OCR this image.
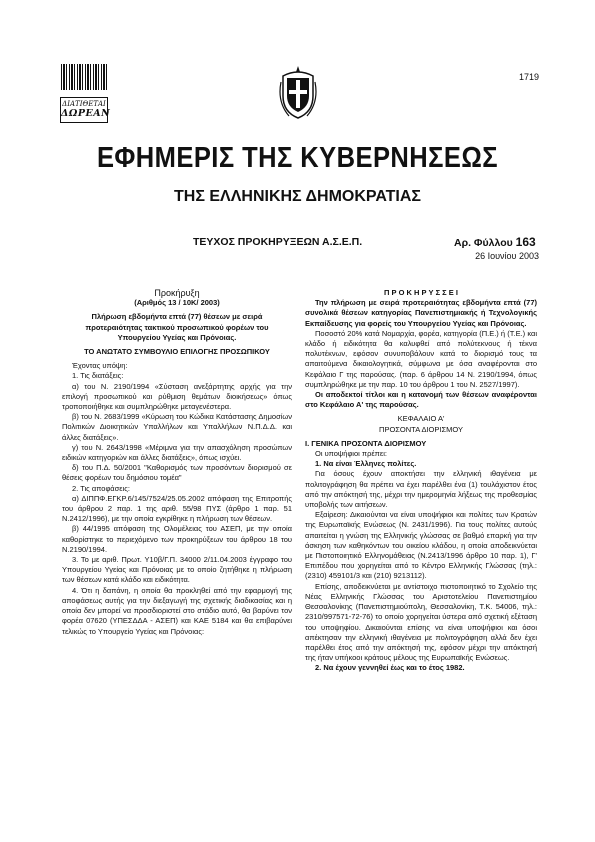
ΔΙΑΤΙΘΕΤΑΙ
ΔΩΡΕΑΝ
1719
ΕΦΗΜΕΡΙΣ ΤΗΣ ΚΥΒΕΡΝΗΣΕΩΣ
ΤΗΣ ΕΛΛΗΝΙΚΗΣ ΔΗΜΟΚΡΑΤΙΑΣ
ΤΕΥΧΟΣ ΠΡΟΚΗΡΥΞΕΩΝ Α.Σ.Ε.Π.	Αρ. Φύλλου 163
26 Ιουνίου 2003

Προκήρυξη

(Αριθμός 13 / 10Κ/ 2003)

Πλήρωση εβδομήντα επτά (77) θέσεων με σειρά προτεραιότητας τακτικού προσωπικού φορέων του Υπουργείου Υγείας και Πρόνοιας.

ΤΟ ΑΝΩΤΑΤΟ ΣΥΜΒΟΥΛΙΟ ΕΠΙΛΟΓΗΣ ΠΡΟΣΩΠΙΚΟΥ

Έχοντας υπόψη:

1. Τις διατάξεις:

α) του Ν. 2190/1994 «Σύσταση ανεξάρτητης αρχής για την επιλογή προσωπικού και ρύθμιση θεμάτων διοικήσεως» όπως τροποποιήθηκε και συμπληρώθηκε μεταγενέστερα.

β) του Ν. 2683/1999 «Κύρωση του Κώδικα Κατάστασης Δημοσίων Πολιτικών Διοικητικών Υπαλλήλων και Υπαλλήλων Ν.Π.Δ.Δ. και άλλες διατάξεις».

γ) του Ν. 2643/1998 «Μέριμνα για την απασχόληση προσώπων ειδικών κατηγοριών και άλλες διατάξεις», όπως ισχύει.

δ) του Π.Δ. 50/2001 "Καθορισμός των προσόντων διορισμού σε θέσεις φορέων του δημόσιου τομέα"

2. Τις αποφάσεις:

α) ΔΙΠΠΦ.ΕΓΚΡ.6/145/7524/25.05.2002 απόφαση της Επιτροπής του άρθρου 2 παρ. 1 της αριθ. 55/98 ΠΥΣ (άρθρο 1 παρ. 51 Ν.2412/1996), με την οποία εγκρίθηκε η πλήρωση των θέσεων.

β) 44/1995 απόφαση της Ολομέλειας του ΑΣΕΠ, με την οποία καθορίστηκε το περιεχόμενο των προκηρύξεων του άρθρου 18 του Ν.2190/1994.

3. Το με αριθ. Πρωτ. Υ10β/Γ.Π. 34000 2/11.04.2003 έγγραφο του Υπουργείου Υγείας και Πρόνοιας με το οποίο ζητήθηκε η πλήρωση των θέσεων κατά κλάδο και ειδικότητα.

4. Ότι η δαπάνη, η οποία θα προκληθεί από την εφαρμογή της αποφάσεως αυτής για την διεξαγωγή της σχετικής διαδικασίας και η οποία δεν μπορεί να προσδιοριστεί στο στάδιο αυτό, θα βαρύνει τον φορέα 07620 (ΥΠΕΣΔΔΑ - ΑΣΕΠ) και ΚΑΕ 5184 και θα επιβαρύνει τελικώς το Υπουργείο Υγείας και Πρόνοιας:

Π Ρ Ο Κ Η Ρ Υ Σ Σ Ε Ι

Την πλήρωση με σειρά προτεραιότητας εβδομήντα επτά (77) συνολικά θέσεων κατηγορίας Πανεπιστημιακής ή Τεχνολογικής Εκπαίδευσης για φορείς του Υπουργείου Υγείας και Πρόνοιας.

Ποσοστό 20% κατά Νομαρχία, φορέα, κατηγορία (Π.Ε.) ή (Τ.Ε.) και κλάδο ή ειδικότητα θα καλυφθεί από πολύτεκνους ή τέκνα πολυτέκνων, εφόσον συνυποβάλουν κατά το διορισμό τους τα απαιτούμενα δικαιολογητικά, σύμφωνα με όσα αναφέρονται στο Κεφάλαιο Γ της παρούσας. (παρ. 6 άρθρου 14 Ν. 2190/1994, όπως συμπληρώθηκε με την παρ. 10 του άρθρου 1 του Ν. 2527/1997).

Οι αποδεκτοί τίτλοι και η κατανομή των θέσεων αναφέρονται στο Κεφάλαιο Α' της παρούσας.

ΚΕΦΑΛΑΙΟ Α'

ΠΡΟΣΟΝΤΑ ΔΙΟΡΙΣΜΟΥ

Ι. ΓΕΝΙΚΑ ΠΡΟΣΟΝΤΑ ΔΙΟΡΙΣΜΟΥ

Οι υποψήφιοι πρέπει:

1. Να είναι Έλληνες πολίτες.

Για όσους έχουν αποκτήσει την ελληνική ιθαγένεια με πολιτογράφηση θα πρέπει να έχει παρέλθει ένα (1) τουλάχιστον έτος από την απόκτησή της, μέχρι την ημερομηνία λήξεως της προθεσμίας υποβολής των αιτήσεων.

Εξαίρεση: Δικαιούνται να είναι υποψήφιοι και πολίτες των Κρατών της Ευρωπαϊκής Ενώσεως (Ν. 2431/1996). Για τους πολίτες αυτούς απαιτείται η γνώση της Ελληνικής γλώσσας σε βαθμό επαρκή για την άσκηση των καθηκόντων του οικείου κλάδου, η οποία αποδεικνύεται με Πιστοποιητικό Ελληνομάθειας (Ν.2413/1996 άρθρο 10 παρ. 1), Γ' Επιπέδου που χορηγείται από το Κέντρο Ελληνικής Γλώσσας (τηλ.: (2310) 459101/3 και (210) 9213112).

Επίσης, αποδεικνύεται με αντίστοιχο πιστοποιητικό το Σχολείο της Νέας Ελληνικής Γλώσσας του Αριστοτελείου Πανεπιστημίου Θεσσαλονίκης (Πανεπιστημιούπολη, Θεσσαλονίκη, Τ.Κ. 54006, τηλ.: 2310/997571-72-76) το οποίο χορηγείται ύστερα από σχετική εξέταση του υποψηφίου. Δικαιούνται επίσης να είναι υποψήφιοι και όσοι απέκτησαν την ελληνική ιθαγένεια με πολιτογράφηση αλλά δεν έχει παρέλθει έτος από την απόκτησή της, εφόσον μέχρι την απόκτησή της ήταν υπήκοοι κράτους μέλους της Ευρωπαϊκής Ενώσεως.

2. Να έχουν γεννηθεί έως και το έτος 1982.
